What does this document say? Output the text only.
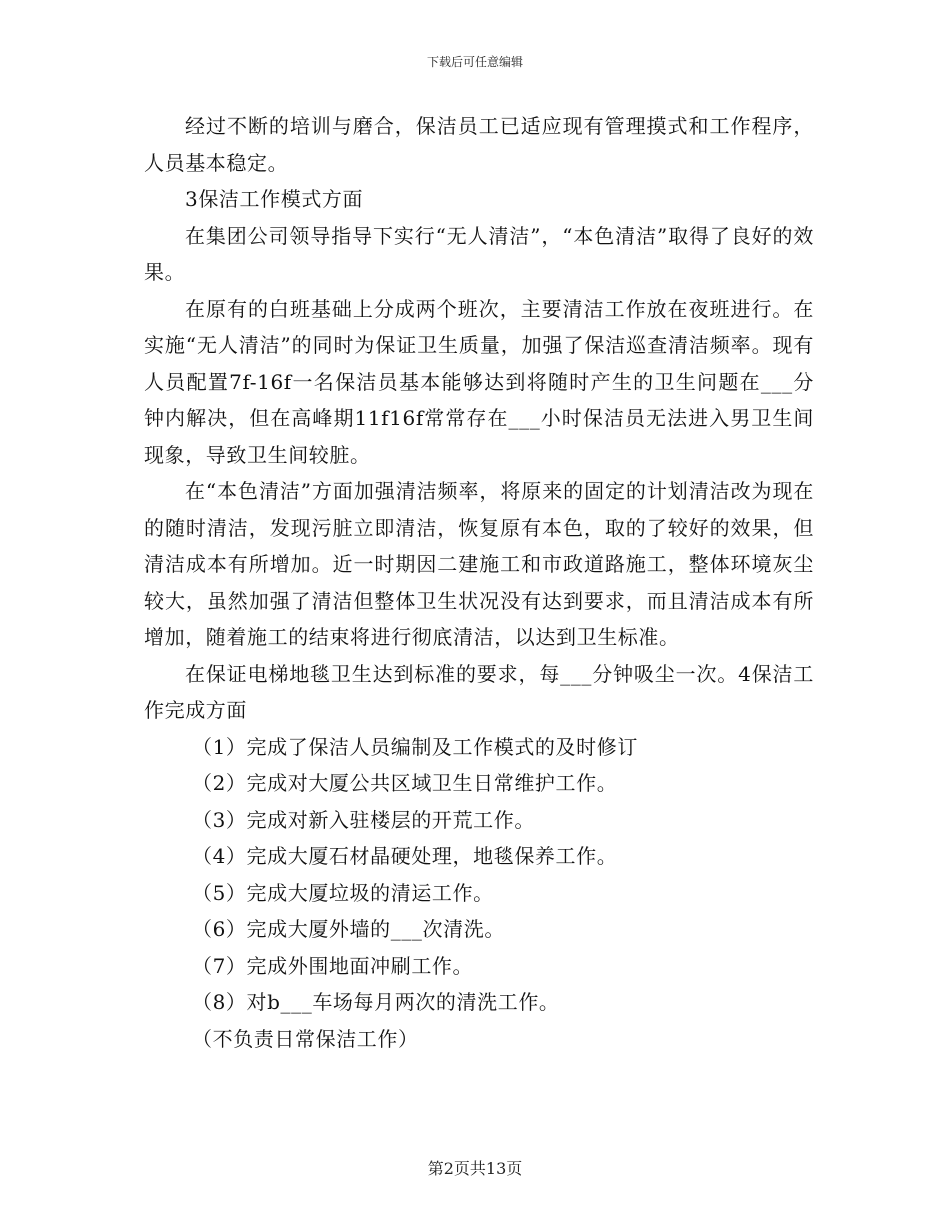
下载后可任意编辑

经过不断的培训与磨合，保洁员工已适应现有管理摸式和工作程序，人员基本稳定。

3保洁工作模式方面

在集团公司领导指导下实行“无人清洁”，“本色清洁”取得了良好的效果。

在原有的白班基础上分成两个班次，主要清洁工作放在夜班进行。在实施“无人清洁”的同时为保证卫生质量，加强了保洁巡查清洁频率。现有人员配置7f-16f一名保洁员基本能够达到将随时产生的卫生问题在___分钟内解决，但在高峰期11f16f常常存在___小时保洁员无法进入男卫生间现象，导致卫生间较脏。

在“本色清洁”方面加强清洁频率，将原来的固定的计划清洁改为现在的随时清洁，发现污脏立即清洁，恢复原有本色，取的了较好的效果，但清洁成本有所增加。近一时期因二建施工和市政道路施工，整体环境灰尘较大，虽然加强了清洁但整体卫生状况没有达到要求，而且清洁成本有所增加，随着施工的结束将进行彻底清洁，以达到卫生标准。

在保证电梯地毯卫生达到标准的要求，每___分钟吸尘一次。4保洁工作完成方面

（1）完成了保洁人员编制及工作模式的及时修订

（2）完成对大厦公共区域卫生日常维护工作。

（3）完成对新入驻楼层的开荒工作。

（4）完成大厦石材晶硬处理，地毯保养工作。

（5）完成大厦垃圾的清运工作。

（6）完成大厦外墙的___次清洗。

（7）完成外围地面冲刷工作。

（8）对b___车场每月两次的清洗工作。

（不负责日常保洁工作）

第2页共13页
